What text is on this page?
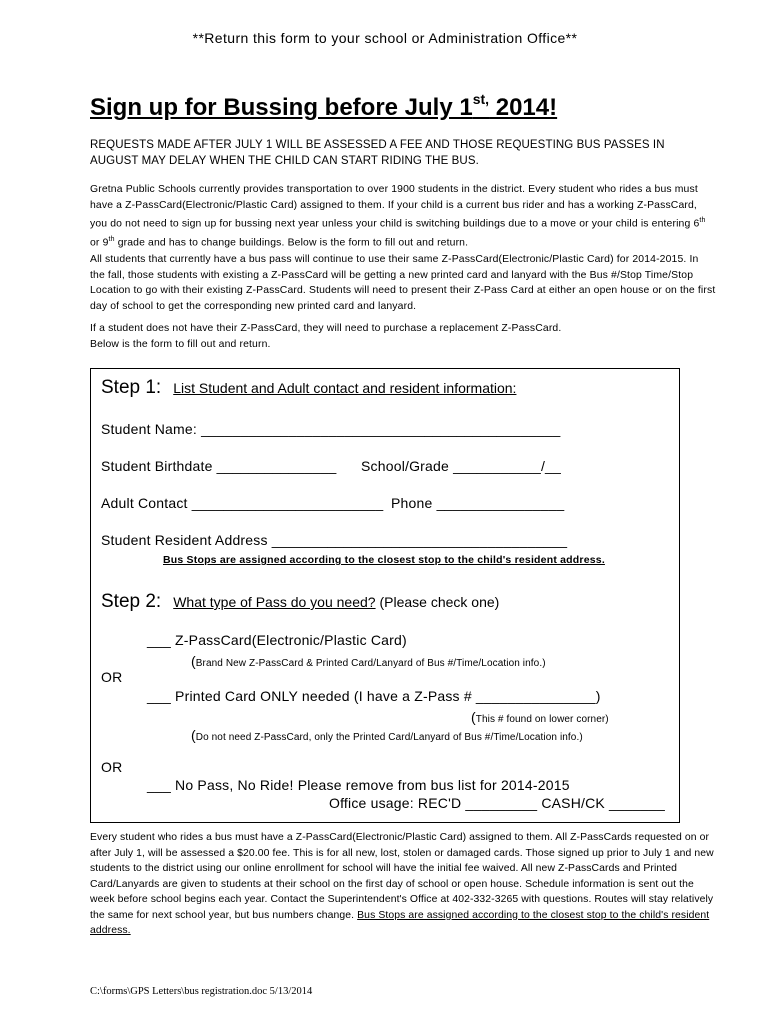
**Return this form to your school or Administration Office**
Sign up for Bussing before July $1^{st,}$ 2014!
REQUESTS MADE AFTER JULY 1 WILL BE ASSESSED A FEE AND THOSE REQUESTING BUS PASSES IN AUGUST MAY DELAY WHEN THE CHILD CAN START RIDING THE BUS.
Gretna Public Schools currently provides transportation to over 1900 students in the district. Every student who rides a bus must have a Z-PassCard(Electronic/Plastic Card) assigned to them. If your child is a current bus rider and has a working Z-PassCard, you do not need to sign up for bussing next year unless your child is switching buildings due to a move or your child is entering 6th or 9th grade and has to change buildings. Below is the form to fill out and return.
All students that currently have a bus pass will continue to use their same Z-PassCard(Electronic/Plastic Card) for 2014-2015. In the fall, those students with existing a Z-PassCard will be getting a new printed card and lanyard with the Bus #/Stop Time/Stop Location to go with their existing Z-PassCard. Students will need to present their Z-Pass Card at either an open house or on the first day of school to get the corresponding new printed card and lanyard.
If a student does not have their Z-PassCard, they will need to purchase a replacement Z-PassCard.
Below is the form to fill out and return.
Step 1: List Student and Adult contact and resident information:
Student Name: _____________________________________________
Student Birthdate _______________ School/Grade ___________/__
Adult Contact ________________________ Phone ________________
Student Resident Address _____________________________________
Bus Stops are assigned according to the closest stop to the child's resident address.
Step 2: What type of Pass do you need? (Please check one)
___ Z-PassCard(Electronic/Plastic Card)
(Brand New Z-PassCard & Printed Card/Lanyard of Bus #/Time/Location info.)
OR
___ Printed Card ONLY needed (I have a Z-Pass # _______________)
(This # found on lower corner)
(Do not need Z-PassCard, only the Printed Card/Lanyard of Bus #/Time/Location info.)
OR
___ No Pass, No Ride! Please remove from bus list for 2014-2015
Office usage: REC'D _________ CASH/CK _______
Every student who rides a bus must have a Z-PassCard(Electronic/Plastic Card) assigned to them. All Z-PassCards requested on or after July 1, will be assessed a $20.00 fee. This is for all new, lost, stolen or damaged cards. Those signed up prior to July 1 and new students to the district using our online enrollment for school will have the initial fee waived. All new Z-PassCards and Printed Card/Lanyards are given to students at their school on the first day of school or open house. Schedule information is sent out the week before school begins each year. Contact the Superintendent's Office at 402-332-3265 with questions. Routes will stay relatively the same for next school year, but bus numbers change. Bus Stops are assigned according to the closest stop to the child's resident address.
C:\forms\GPS Letters\bus registration.doc 5/13/2014
